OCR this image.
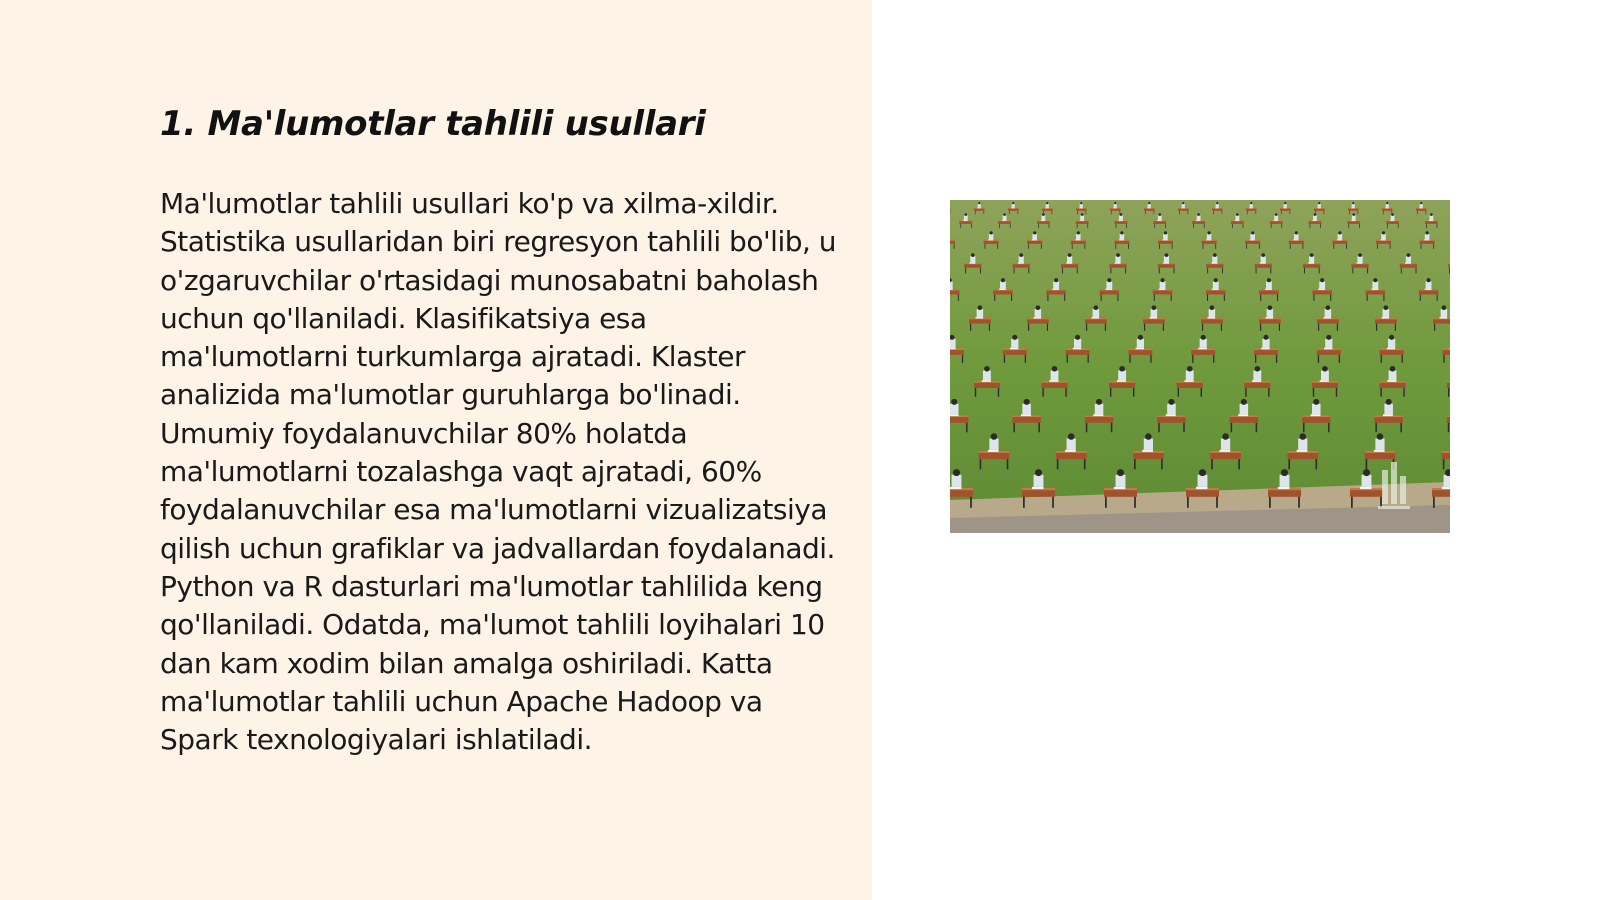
1. Ma'lumotlar tahlili usullari

Ma'lumotlar tahlili usullari ko'p va xilma-xildir. Statistika usullaridan biri regresyon tahlili bo'lib, u o'zgaruvchilar o'rtasidagi munosabatni baholash uchun qo'llaniladi. Klasifikatsiya esa ma'lumotlarni turkumlarga ajratadi. Klaster analizida ma'lumotlar guruhlarga bo'linadi. Umumiy foydalanuvchilar 80% holatda ma'lumotlarni tozalashga vaqt ajratadi, 60% foydalanuvchilar esa ma'lumotlarni vizualizatsiya qilish uchun grafiklar va jadvallardan foydalanadi. Python va R dasturlari ma'lumotlar tahlilida keng qo'llaniladi. Odatda, ma'lumot tahlili loyihalari 10 dan kam xodim bilan amalga oshiriladi. Katta ma'lumotlar tahlili uchun Apache Hadoop va Spark texnologiyalari ishlatiladi.
